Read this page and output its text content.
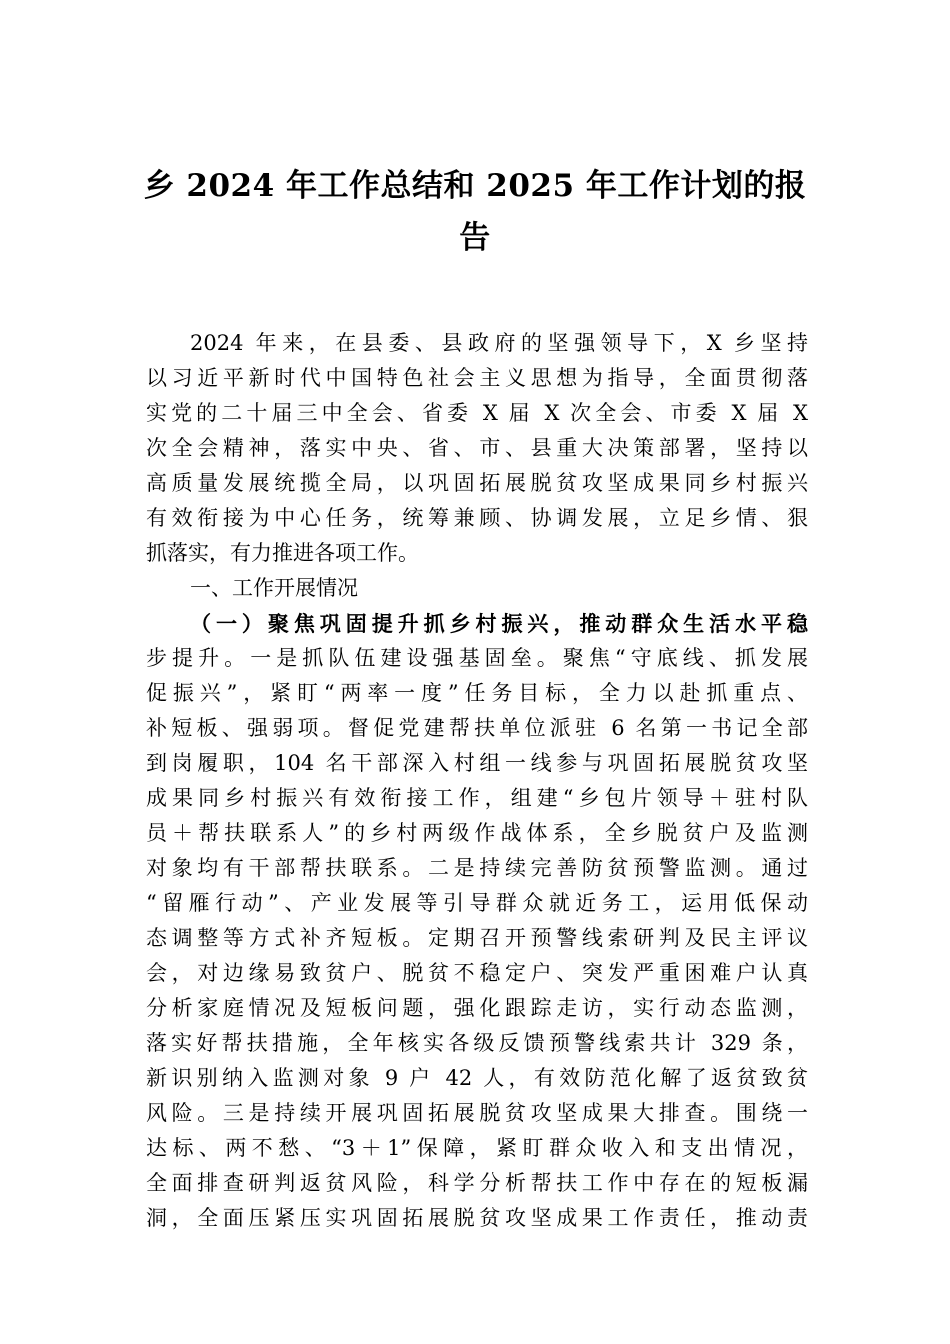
乡 2024 年工作总结和 2025 年工作计划的报
告
2024 年来，在县委、县政府的坚强领导下，X 乡坚持
以习近平新时代中国特色社会主义思想为指导，全面贯彻落
实党的二十届三中全会、省委 X 届 X 次全会、市委 X 届 X
次全会精神，落实中央、省、市、县重大决策部署，坚持以
高质量发展统揽全局，以巩固拓展脱贫攻坚成果同乡村振兴
有效衔接为中心任务，统筹兼顾、协调发展，立足乡情、狠
抓落实，有力推进各项工作。
一、工作开展情况
（一）聚焦巩固提升抓乡村振兴，推动群众生活水平稳
步提升。一是抓队伍建设强基固垒。聚焦“守底线、抓发展
促振兴”，紧盯“两率一度”任务目标，全力以赴抓重点、
补短板、强弱项。督促党建帮扶单位派驻 6 名第一书记全部
到岗履职，104 名干部深入村组一线参与巩固拓展脱贫攻坚
成果同乡村振兴有效衔接工作，组建“乡包片领导＋驻村队
员＋帮扶联系人”的乡村两级作战体系，全乡脱贫户及监测
对象均有干部帮扶联系。二是持续完善防贫预警监测。通过
“留雁行动”、产业发展等引导群众就近务工，运用低保动
态调整等方式补齐短板。定期召开预警线索研判及民主评议
会，对边缘易致贫户、脱贫不稳定户、突发严重困难户认真
分析家庭情况及短板问题，强化跟踪走访，实行动态监测，
落实好帮扶措施，全年核实各级反馈预警线索共计 329 条，
新识别纳入监测对象 9 户 42 人，有效防范化解了返贫致贫
风险。三是持续开展巩固拓展脱贫攻坚成果大排查。围绕一
达标、两不愁、“3＋1”保障，紧盯群众收入和支出情况，
全面排查研判返贫风险，科学分析帮扶工作中存在的短板漏
洞，全面压紧压实巩固拓展脱贫攻坚成果工作责任，推动责
